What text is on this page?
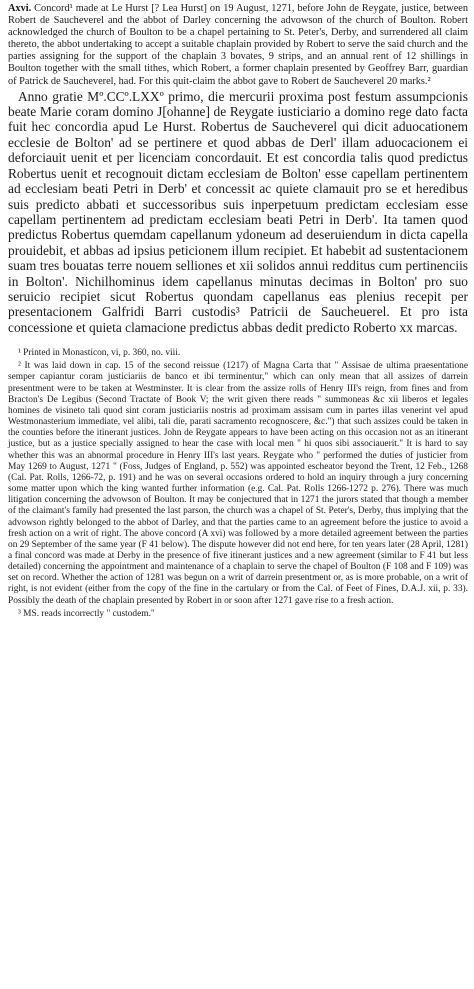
Axvi. Concord¹ made at Le Hurst [? Lea Hurst] on 19 August, 1271, before John de Reygate, justice, between Robert de Saucheverel and the abbot of Darley concerning the advowson of the church of Boulton. Robert acknowledged the church of Boulton to be a chapel pertaining to St. Peter's, Derby, and surrendered all claim thereto, the abbot undertaking to accept a suitable chaplain provided by Robert to serve the said church and the parties assigning for the support of the chaplain 3 bovates, 9 strips, and an annual rent of 12 shillings in Boulton together with the small tithes, which Robert, a former chaplain presented by Geoffrey Barr, guardian of Patrick de Saucheverel, had. For this quit-claim the abbot gave to Robert de Saucheverel 20 marks.²

Anno gratie Mº.CCº.LXXº primo, die mercurii proxima post festum assumpcionis beate Marie coram domino J[ohanne] de Reygate iusticiario a domino rege dato facta fuit hec concordia apud Le Hurst. Robertus de Saucheverel qui dicit aduocationem ecclesie de Bolton' ad se pertinere et quod abbas de Derl' illam aduocacionem ei deforciauit uenit et per licenciam concordauit. Et est concordia talis quod predictus Robertus uenit et recognouit dictam ecclesiam de Bolton' esse capellam pertinentem ad ecclesiam beati Petri in Derb' et concessit ac quiete clamauit pro se et heredibus suis predicto abbati et successoribus suis inperpetuum predictam ecclesiam esse capellam pertinentem ad predictam ecclesiam beati Petri in Derb'. Ita tamen quod predictus Robertus quemdam capellanum ydoneum ad deseruiendum in dicta capella prouidebit, et abbas ad ipsius peticionem illum recipiet. Et habebit ad sustentacionem suam tres bouatas terre nouem selliones et xii solidos annui redditus cum pertinenciis in Bolton'. Nichilhominus idem capellanus minutas decimas in Bolton' pro suo seruicio recipiet sicut Robertus quondam capellanus eas plenius recepit per presentacionem Galfridi Barri custodis³ Patricii de Saucheuerel. Et pro ista concessione et quieta clamacione predictus abbas dedit predicto Roberto xx marcas.

¹ Printed in Monasticon, vi, p. 360, no. viii.

² It was laid down in cap. 15 of the second reissue (1217) of Magna Carta that " Assisae de ultima praesentatione semper capiantur coram justiciariis de banco et ibi terminentur," which can only mean that all assizes of darrein presentment were to be taken at Westminster. It is clear from the assize rolls of Henry III's reign, from fines and from Bracton's De Legibus (Second Tractate of Book V; the writ given there reads " summoneas &c xii liberos et legales homines de visineto tali quod sint coram justiciariis nostris ad proximam assisam cum in partes illas venerint vel apud Westmonasterium immediate, vel alibi, tali die, parati sacramento recognoscere, &c.") that such assizes could be taken in the counties before the itinerant justices. John de Reygate appears to have been acting on this occasion not as an itinerant justice, but as a justice specially assigned to hear the case with local men " hi quos sibi associauerit." It is hard to say whether this was an abnormal procedure in Henry III's last years. Reygate who " performed the duties of justicier from May 1269 to August, 1271 " (Foss, Judges of England, p. 552) was appointed escheator beyond the Trent, 12 Feb., 1268 (Cal. Pat. Rolls, 1266-72, p. 191) and he was on several occasions ordered to hold an inquiry through a jury concerning some matter upon which the king wanted further information (e.g. Cal. Pat. Rolls 1266-1272 p. 276). There was much litigation concerning the advowson of Boulton. It may be conjectured that in 1271 the jurors stated that though a member of the claimant's family had presented the last parson, the church was a chapel of St. Peter's, Derby, thus implying that the advowson rightly belonged to the abbot of Darley, and that the parties came to an agreement before the justice to avoid a fresh action on a writ of right. The above concord (A xvi) was followed by a more detailed agreement between the parties on 29 September of the same year (F 41 below). The dispute however did not end here, for ten years later (28 April, 1281) a final concord was made at Derby in the presence of five itinerant justices and a new agreement (similar to F 41 but less detailed) concerning the appointment and maintenance of a chaplain to serve the chapel of Boulton (F 108 and F 109) was set on record. Whether the action of 1281 was begun on a writ of darrein presentment or, as is more probable, on a writ of right, is not evident (either from the copy of the fine in the cartulary or from the Cal. of Feet of Fines, D.A.J. xii, p. 33). Possibly the death of the chaplain presented by Robert in or soon after 1271 gave rise to a fresh action.

³ MS. reads incorrectly " custodem."
